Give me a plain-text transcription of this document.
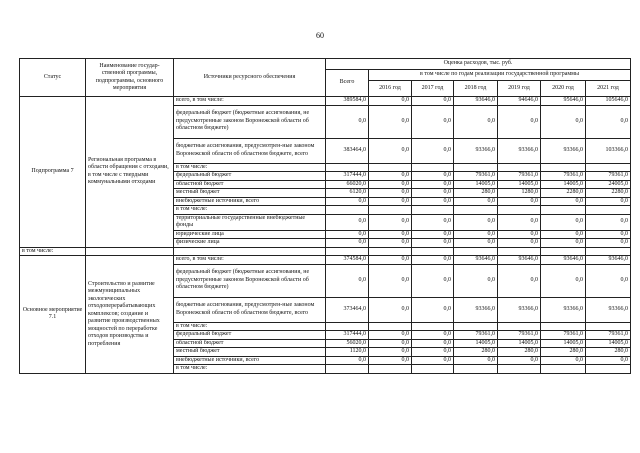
60
Статус	Наименование государ-ственной программы, подпрограммы, основного мероприятия	Источники ресурсного обеспечения	Оценка расходов, тыс. руб.						
			Всего	в том числе по годам реализации государственной программы					
				2016 год	2017 год	2018 год	2019 год	2020 год	2021 год
Подпрограмма 7	Региональная программа в области обращения с отходами, в том числе с твердыми коммунальными отходами	всего, в том числе:	389584,0	0,0	0,0	93646,0	94646,0	95646,0	105646,0
		федеральный бюджет (бюджетные ассигнования, не предусмотренные законом Воронежской области об областном бюджете)	0,0	0,0	0,0	0,0	0,0	0,0	0,0
		бюджетные ассигнования, предусмотрен-ные законом Воронежской области об областном бюджете, всего	383464,0	0,0	0,0	93366,0	93366,0	93366,0	103366,0
		в том числе:							
		федеральный бюджет	317444,0	0,0	0,0	79361,0	79361,0	79361,0	79361,0
		областной бюджет	66020,0	0,0	0,0	14005,0	14005,0	14005,0	24005,0
		местный бюджет	6120,0	0,0	0,0	280,0	1280,0	2280,0	2280,0
		внебюджетные источники, всего	0,0	0,0	0,0	0,0	0,0	0,0	0,0
		в том числе:							
		территориальные государственные внебюджетные фонды	0,0	0,0	0,0	0,0	0,0	0,0	0,0
		юридические лица	0,0	0,0	0,0	0,0	0,0	0,0	0,0
		физические лица	0,0	0,0	0,0	0,0	0,0	0,0	0,0
в том числе:									
Основное мероприятие 7.1	Строительство и развитие межмуниципальных экологических отходоперерабатывающих комплексов; создание и развитие производственных мощностей по переработке отходов производства и потребления	всего, в том числе:	374584,0	0,0	0,0	93646,0	93646,0	93646,0	93646,0
		федеральный бюджет (бюджетные ассигнования, не предусмотренные законом Воронежской области об областном бюджете)	0,0	0,0	0,0	0,0	0,0	0,0	0,0
		бюджетные ассигнования, предусмотрен-ные законом Воронежской области об областном бюджете, всего	373464,0	0,0	0,0	93366,0	93366,0	93366,0	93366,0
		в том числе:							
		федеральный бюджет	317444,0	0,0	0,0	79361,0	79361,0	79361,0	79361,0
		областной бюджет	56020,0	0,0	0,0	14005,0	14005,0	14005,0	14005,0
		местный бюджет	1120,0	0,0	0,0	280,0	280,0	280,0	280,0
		внебюджетные источники, всего	0,0	0,0	0,0	0,0	0,0	0,0	0,0
		в том числе:							
